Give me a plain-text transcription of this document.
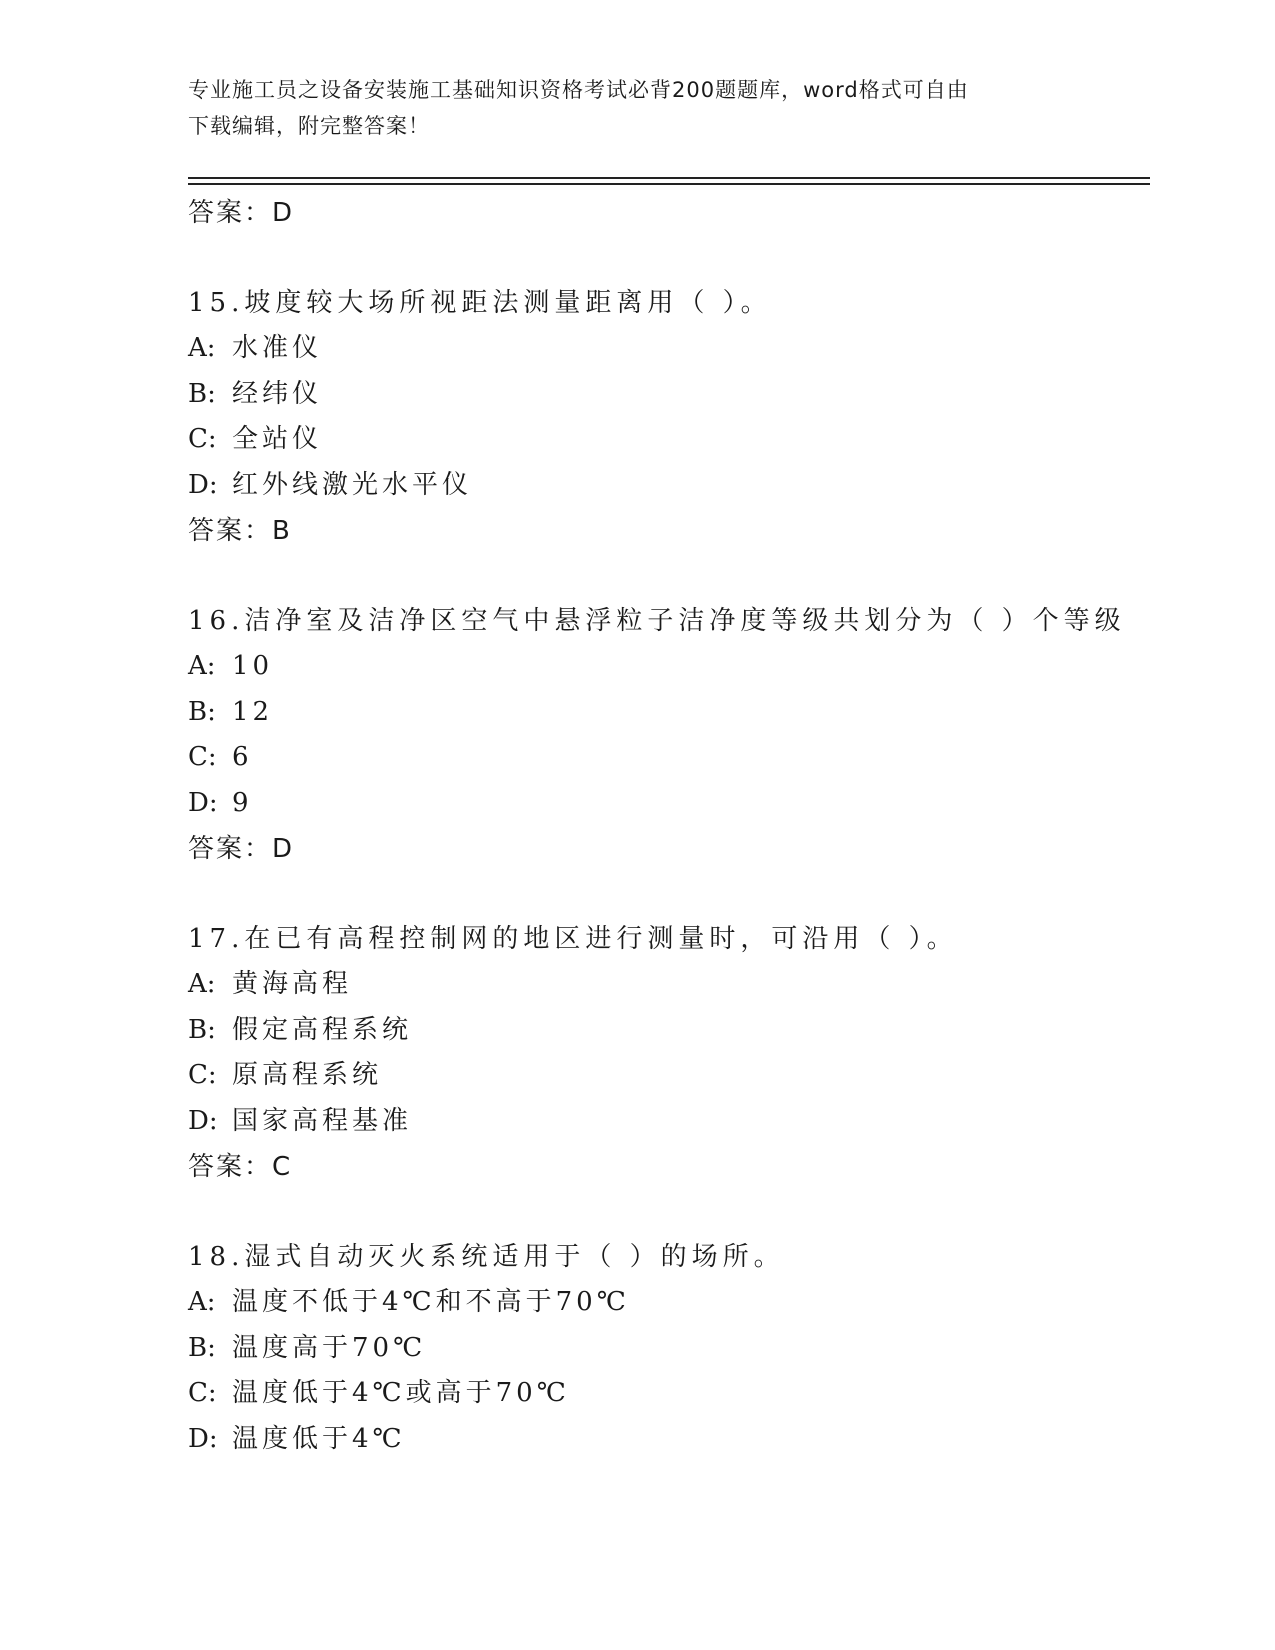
专业施工员之设备安装施工基础知识资格考试必背200题题库，word格式可自由
下载编辑，附完整答案！
答案：D
15.坡度较大场所视距法测量距离用（ ）。
A: 水准仪
B: 经纬仪
C: 全站仪
D: 红外线激光水平仪
答案：B
16.洁净室及洁净区空气中悬浮粒子洁净度等级共划分为（ ）个等级
A: 10
B: 12
C: 6
D: 9
答案：D
17.在已有高程控制网的地区进行测量时，可沿用（ ）。
A: 黄海高程
B: 假定高程系统
C: 原高程系统
D: 国家高程基准
答案：C
18.湿式自动灭火系统适用于（ ）的场所。
A: 温度不低于4℃和不高于70℃
B: 温度高于70℃
C: 温度低于4℃或高于70℃
D: 温度低于4℃
